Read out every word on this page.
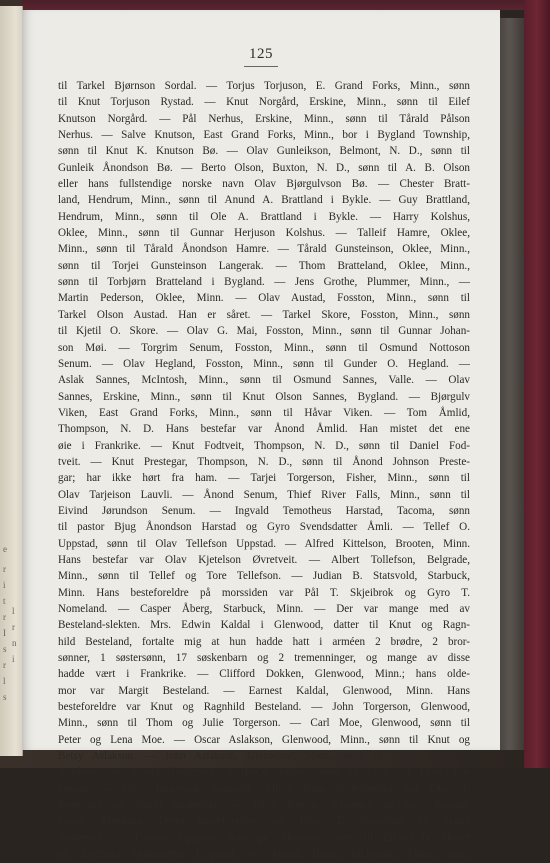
e
r
i
t
r
I
s
r
l
s
l
r
n
i
125
til Tarkel Bjørnson Sordal. — Torjus Torjuson, E. Grand Forks, Minn., sønn
til Knut Torjuson Rystad. — Knut Norgård, Erskine, Minn., sønn til Eilef
Knutson Norgård. — Pål Nerhus, Erskine, Minn., sønn til Tårald Pålson
Nerhus. — Salve Knutson, East Grand Forks, Minn., bor i Bygland Township,
sønn til Knut K. Knutson Bø. — Olav Gunleikson, Belmont, N. D., sønn til
Gunleik Ånondson Bø. — Berto Olson, Buxton, N. D., sønn til A. B. Olson
eller hans fullstendige norske navn Olav Bjørgulvson Bø. — Chester Bratt-
land, Hendrum, Minn., sønn til Anund A. Brattland i Bykle. — Guy Brattland,
Hendrum, Minn., sønn til Ole A. Brattland i Bykle. — Harry Kolshus,
Oklee, Minn., sønn til Gunnar Herjuson Kolshus. — Talleif Hamre, Oklee,
Minn., sønn til Tårald Ånondson Hamre. — Tårald Gunsteinson, Oklee, Minn.,
sønn til Torjei Gunsteinson Langerak. — Thom Bratteland, Oklee, Minn.,
sønn til Torbjørn Bratteland i Bygland. — Jens Grothe, Plummer, Minn., —
Martin Pederson, Oklee, Minn. — Olav Austad, Fosston, Minn., sønn til
Tarkel Olson Austad. Han er såret. — Tarkel Skore, Fosston, Minn., sønn
til Kjetil O. Skore. — Olav G. Mai, Fosston, Minn., sønn til Gunnar Johan-
son Møi. — Torgrim Senum, Fosston, Minn., sønn til Osmund Nottoson
Senum. — Olav Hegland, Fosston, Minn., sønn til Gunder O. Hegland. —
Aslak Sannes, McIntosh, Minn., sønn til Osmund Sannes, Valle. — Olav
Sannes, Erskine, Minn., sønn til Knut Olson Sannes, Bygland. — Bjørgulv
Viken, East Grand Forks, Minn., sønn til Håvar Viken. — Tom Åmlid,
Thompson, N. D. Hans bestefar var Ånond Åmlid. Han mistet det ene
øie i Frankrike. — Knut Fodtveit, Thompson, N. D., sønn til Daniel Fod-
tveit. — Knut Prestegar, Thompson, N. D., sønn til Ånond Johnson Preste-
gar; har ikke hørt fra ham. — Tarjei Torgerson, Fisher, Minn., sønn til
Olav Tarjeison Lauvli. — Ånond Senum, Thief River Falls, Minn., sønn til
Eivind Jørundson Senum. — Ingvald Temotheus Harstad, Tacoma, sønn
til pastor Bjug Ånondson Harstad og Gyro Svendsdatter Åmli. — Tellef O.
Uppstad, sønn til Olav Tellefson Uppstad. — Alfred Kittelson, Brooten, Minn.
Hans bestefar var Olav Kjetelson Øvretveit. — Albert Tollefson, Belgrade,
Minn., sønn til Tellef og Tore Tellefson. — Judian B. Statsvold, Starbuck,
Minn. Hans besteforeldre på morssiden var Pål T. Skjeibrok og Gyro T.
Nomeland. — Casper Åberg, Starbuck, Minn. — Der var mange med av
Besteland-slekten. Mrs. Edwin Kaldal i Glenwood, datter til Knut og Ragn-
hild Besteland, fortalte mig at hun hadde hatt i arméen 2 brødre, 2 bror-
sønner, 1 søstersønn, 17 søskenbarn og 2 tremenninger, og mange av disse
hadde vært i Frankrike. — Clifford Dokken, Glenwood, Minn.; hans olde-
mor var Margit Besteland. — Earnest Kaldal, Glenwood, Minn. Hans
besteforeldre var Knut og Ragnhild Besteland. — John Torgerson, Glenwood,
Minn., sønn til Thom og Julie Torgerson. — Carl Moe, Glenwood, sønn til
Peter og Lena Moe. — Oscar Aslakson, Glenwood, Minn., sønn til Knut og
Betsy Aslakson. — John Aslakson, Glenwood, Minn., sønn til Sigrid og Knut
Aslakson. — Georg Torgerson, Starbuck, Minn., sønn til Olav og Lena Tor-
gerson. — Olav Torgerson, Starbuck, Minn. Hans besteforeldre var Olav T.
Besteland og Sigrid Skåmedal. — John, Bennie, Clarence og Guy Ranum,
Ismay, Montana. Deres besteforeldre var Olav T. Besteland og Sigrid
Skåmedal. — Gunnar Uppstad, Antelope, Montana, sønn til Eivind N. Hovet
og Ingeborg Vellesdatter Uppstad. — Ånond Helle, McIntosh, Minn., sønn
